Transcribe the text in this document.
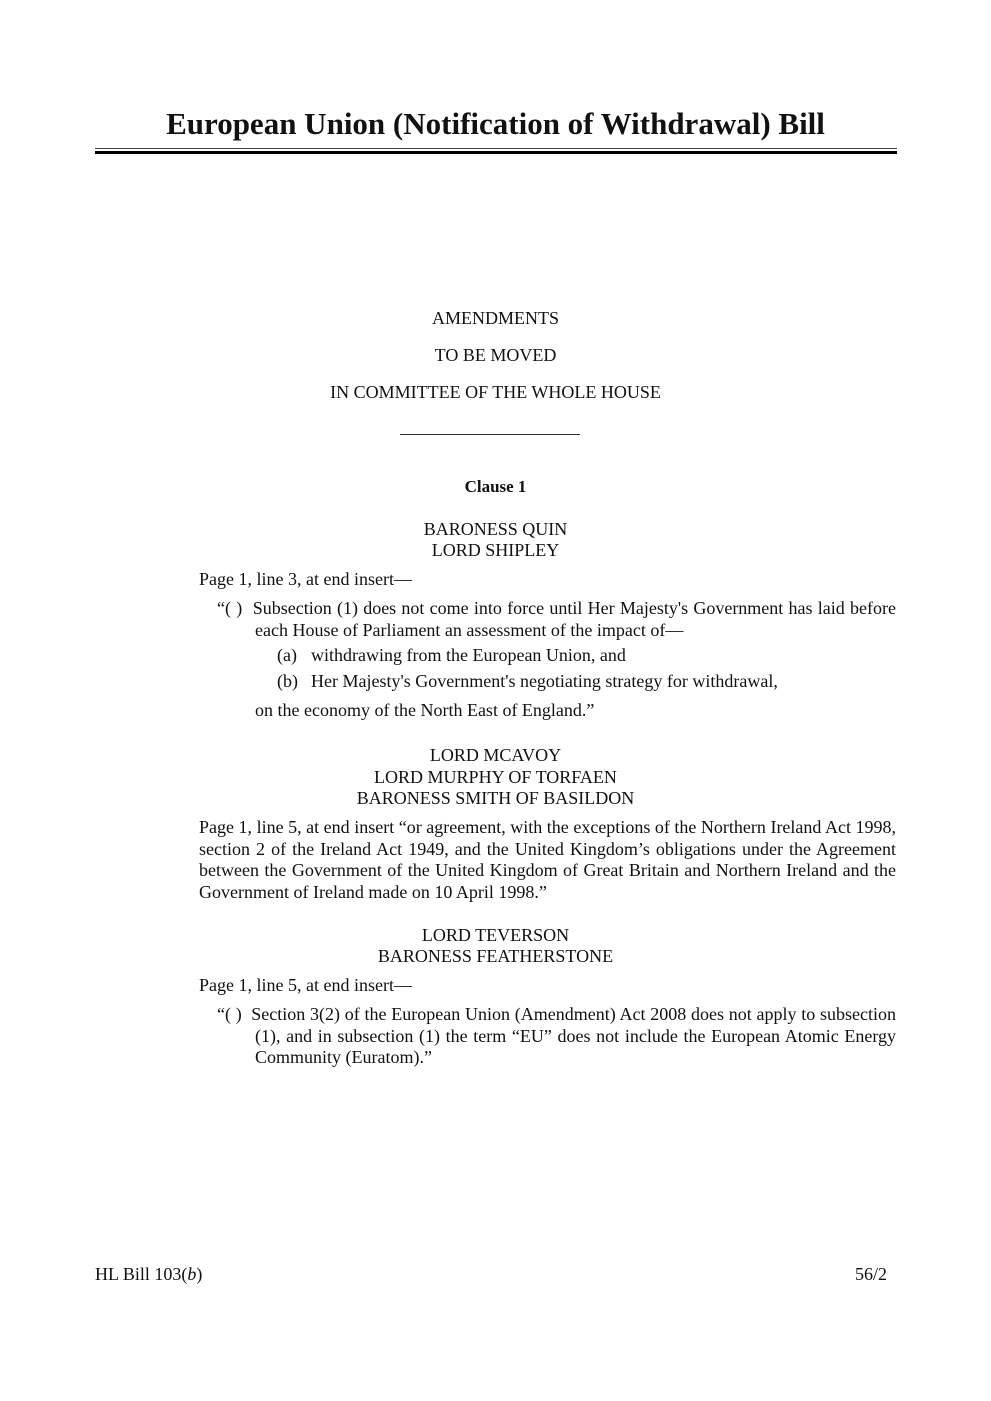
European Union (Notification of Withdrawal) Bill
AMENDMENTS
TO BE MOVED
IN COMMITTEE OF THE WHOLE HOUSE
Clause 1
BARONESS QUIN
LORD SHIPLEY
Page 1, line 3, at end insert—
“( )  Subsection (1) does not come into force until Her Majesty's Government has laid before each House of Parliament an assessment of the impact of—
(a) withdrawing from the European Union, and
(b) Her Majesty's Government's negotiating strategy for withdrawal,
on the economy of the North East of England.”
LORD MCAVOY
LORD MURPHY OF TORFAEN
BARONESS SMITH OF BASILDON
Page 1, line 5, at end insert “or agreement, with the exceptions of the Northern Ireland Act 1998, section 2 of the Ireland Act 1949, and the United Kingdom’s obligations under the Agreement between the Government of the United Kingdom of Great Britain and Northern Ireland and the Government of Ireland made on 10 April 1998.”
LORD TEVERSON
BARONESS FEATHERSTONE
Page 1, line 5, at end insert—
“( )  Section 3(2) of the European Union (Amendment) Act 2008 does not apply to subsection (1), and in subsection (1) the term “EU” does not include the European Atomic Energy Community (Euratom).”
HL Bill 103(b)	56/2
